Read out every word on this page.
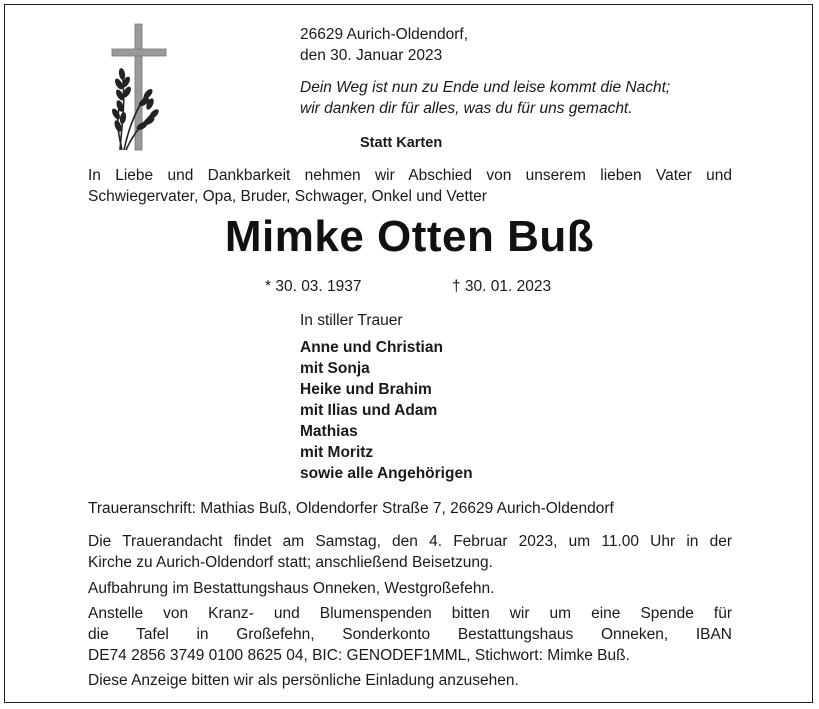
26629 Aurich-Oldendorf,
den 30. Januar 2023
Dein Weg ist nun zu Ende und leise kommt die Nacht;
wir danken dir für alles, was du für uns gemacht.
Statt Karten
In Liebe und Dankbarkeit nehmen wir Abschied von unserem lieben Vater und
Schwiegervater, Opa, Bruder, Schwager, Onkel und Vetter
Mimke Otten Buß
* 30. 03. 1937	† 30. 01. 2023
In stiller Trauer
Anne und Christian
mit Sonja
Heike und Brahim
mit Ilias und Adam
Mathias
mit Moritz
sowie alle Angehörigen
Traueranschrift: Mathias Buß, Oldendorfer Straße 7, 26629 Aurich-Oldendorf
Die Trauerandacht findet am Samstag, den 4. Februar 2023, um 11.00 Uhr in der
Kirche zu Aurich-Oldendorf statt; anschließend Beisetzung.
Aufbahrung im Bestattungshaus Onneken, Westgroßefehn.
Anstelle von Kranz- und Blumenspenden bitten wir um eine Spende für
die Tafel in Großefehn, Sonderkonto Bestattungshaus Onneken, IBAN
DE74 2856 3749 0100 8625 04, BIC: GENODEF1MML, Stichwort: Mimke Buß.
Diese Anzeige bitten wir als persönliche Einladung anzusehen.
